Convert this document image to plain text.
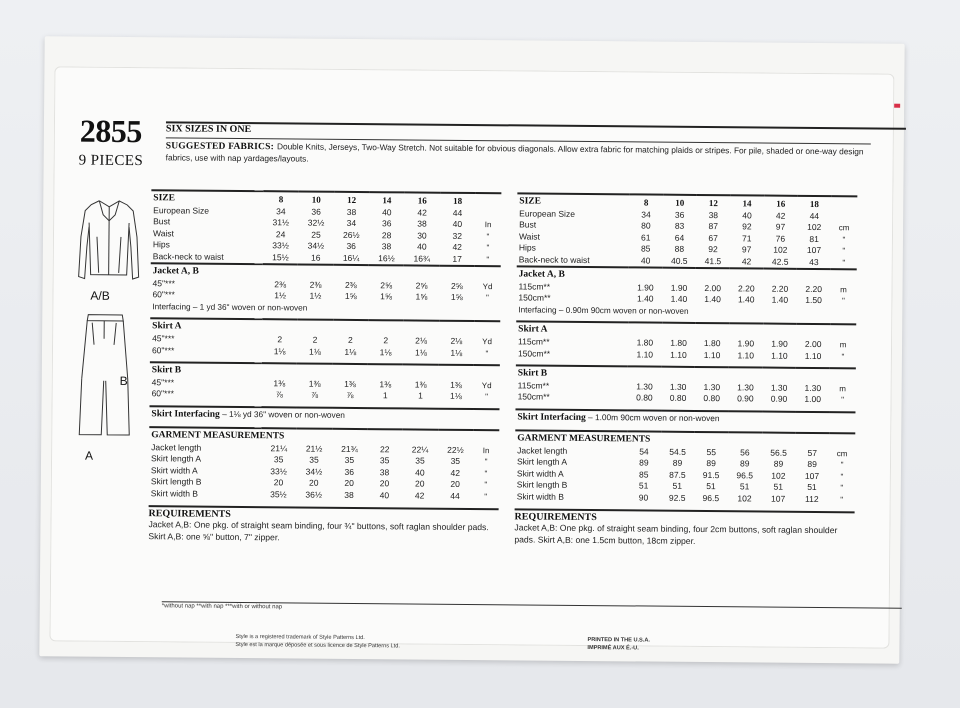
2855
9 PIECES
SIX SIZES IN ONE
SUGGESTED FABRICS: Double Knits, Jerseys, Two-Way Stretch. Not suitable for obvious diagonals. Allow extra fabric for matching plaids or stripes. For pile, shaded or one-way design fabrics, use with nap yardages/layouts.
A/B
B
A
SIZE	8	10	12	14	16	18	
European Size	34	36	38	40	42	44	
Bust	31½	32½	34	36	38	40	In
Waist	24	25	26½	28	30	32	"
Hips	33½	34½	36	38	40	42	"
Back-neck to waist	15½	16	16¼	16½	16¾	17	"
Jacket A, B							
45"***	2⅜	2⅜	2⅜	2⅝	2⅝	2⅝	Yd
60"***	1½	1½	1⅝	1⅝	1⅝	1⅝	"
Interfacing – 1 yd 36" woven or non-woven							

Skirt A							
45"***	2	2	2	2	2⅛	2⅛	Yd
60"***	1⅛	1⅛	1⅛	1⅛	1⅛	1⅛	"

Skirt B							
45"***	1⅜	1⅜	1⅜	1⅜	1⅜	1⅜	Yd
60"***	⅞	⅞	⅞	1	1	1⅛	"

Skirt Interfacing – 1⅛ yd 36" woven or non-woven							

GARMENT MEASUREMENTS							
Jacket length	21¼	21½	21¾	22	22¼	22½	In
Skirt length A	35	35	35	35	35	35	"
Skirt width A	33½	34½	36	38	40	42	"
Skirt length B	20	20	20	20	20	20	"
Skirt width B	35½	36½	38	40	42	44	"

REQUIREMENTS
Jacket A,B: One pkg. of straight seam binding, four ¾" buttons, soft raglan shoulder pads. Skirt A,B: one ⅝" button, 7" zipper.
SIZE	8	10	12	14	16	18	
European Size	34	36	38	40	42	44	
Bust	80	83	87	92	97	102	cm
Waist	61	64	67	71	76	81	"
Hips	85	88	92	97	102	107	"
Back-neck to waist	40	40.5	41.5	42	42.5	43	"
Jacket A, B							
115cm**	1.90	1.90	2.00	2.20	2.20	2.20	m
150cm**	1.40	1.40	1.40	1.40	1.40	1.50	"
Interfacing – 0.90m 90cm woven or non-woven							

Skirt A							
115cm**	1.80	1.80	1.80	1.90	1.90	2.00	m
150cm**	1.10	1.10	1.10	1.10	1.10	1.10	"

Skirt B							
115cm**	1.30	1.30	1.30	1.30	1.30	1.30	m
150cm**	0.80	0.80	0.80	0.90	0.90	1.00	"

Skirt Interfacing – 1.00m 90cm woven or non-woven							

GARMENT MEASUREMENTS							
Jacket length	54	54.5	55	56	56.5	57	cm
Skirt length A	89	89	89	89	89	89	"
Skirt width A	85	87.5	91.5	96.5	102	107	"
Skirt length B	51	51	51	51	51	51	"
Skirt width B	90	92.5	96.5	102	107	112	"

REQUIREMENTS
Jacket A,B: One pkg. of straight seam binding, four 2cm buttons, soft raglan shoulder pads. Skirt A,B: one 1.5cm button, 18cm zipper.
*without nap **with nap ***with or without nap
Style is a registered trademark of Style Patterns Ltd.
Style est la marque déposée et sous licence de Style Patterns Ltd.
PRINTED IN THE U.S.A.
IMPRIMÉ AUX É.-U.
